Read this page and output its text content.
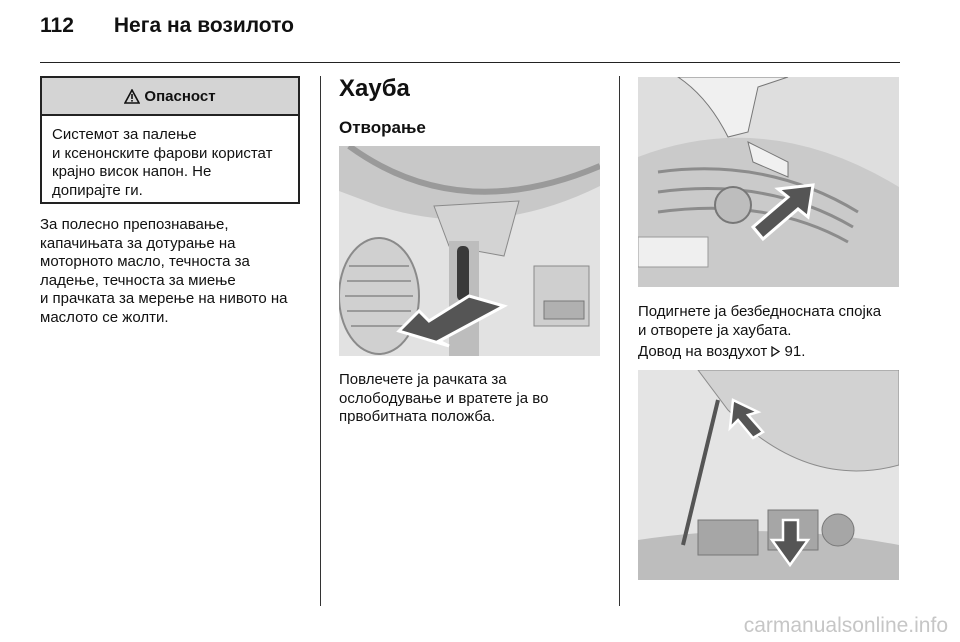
112 Нега на возилото
Опасност
Системот за палење
и ксенонските фарови користат
крајно висок напон. Не
допирајте ги.
За полесно препознавање,
капачињата за дотурање на
моторното масло, течноста за
ладење, течноста за миење
и прачката за мерење на нивото на
маслото се жолти.
Хауба
Отворање
Повлечете ја рачката за
ослободување и вратете ја во
првобитната положба.
Подигнете ја безбедносната спојка
и отворете ја хаубата.
Довод на воздухот  91.
carmanualsonline.info
